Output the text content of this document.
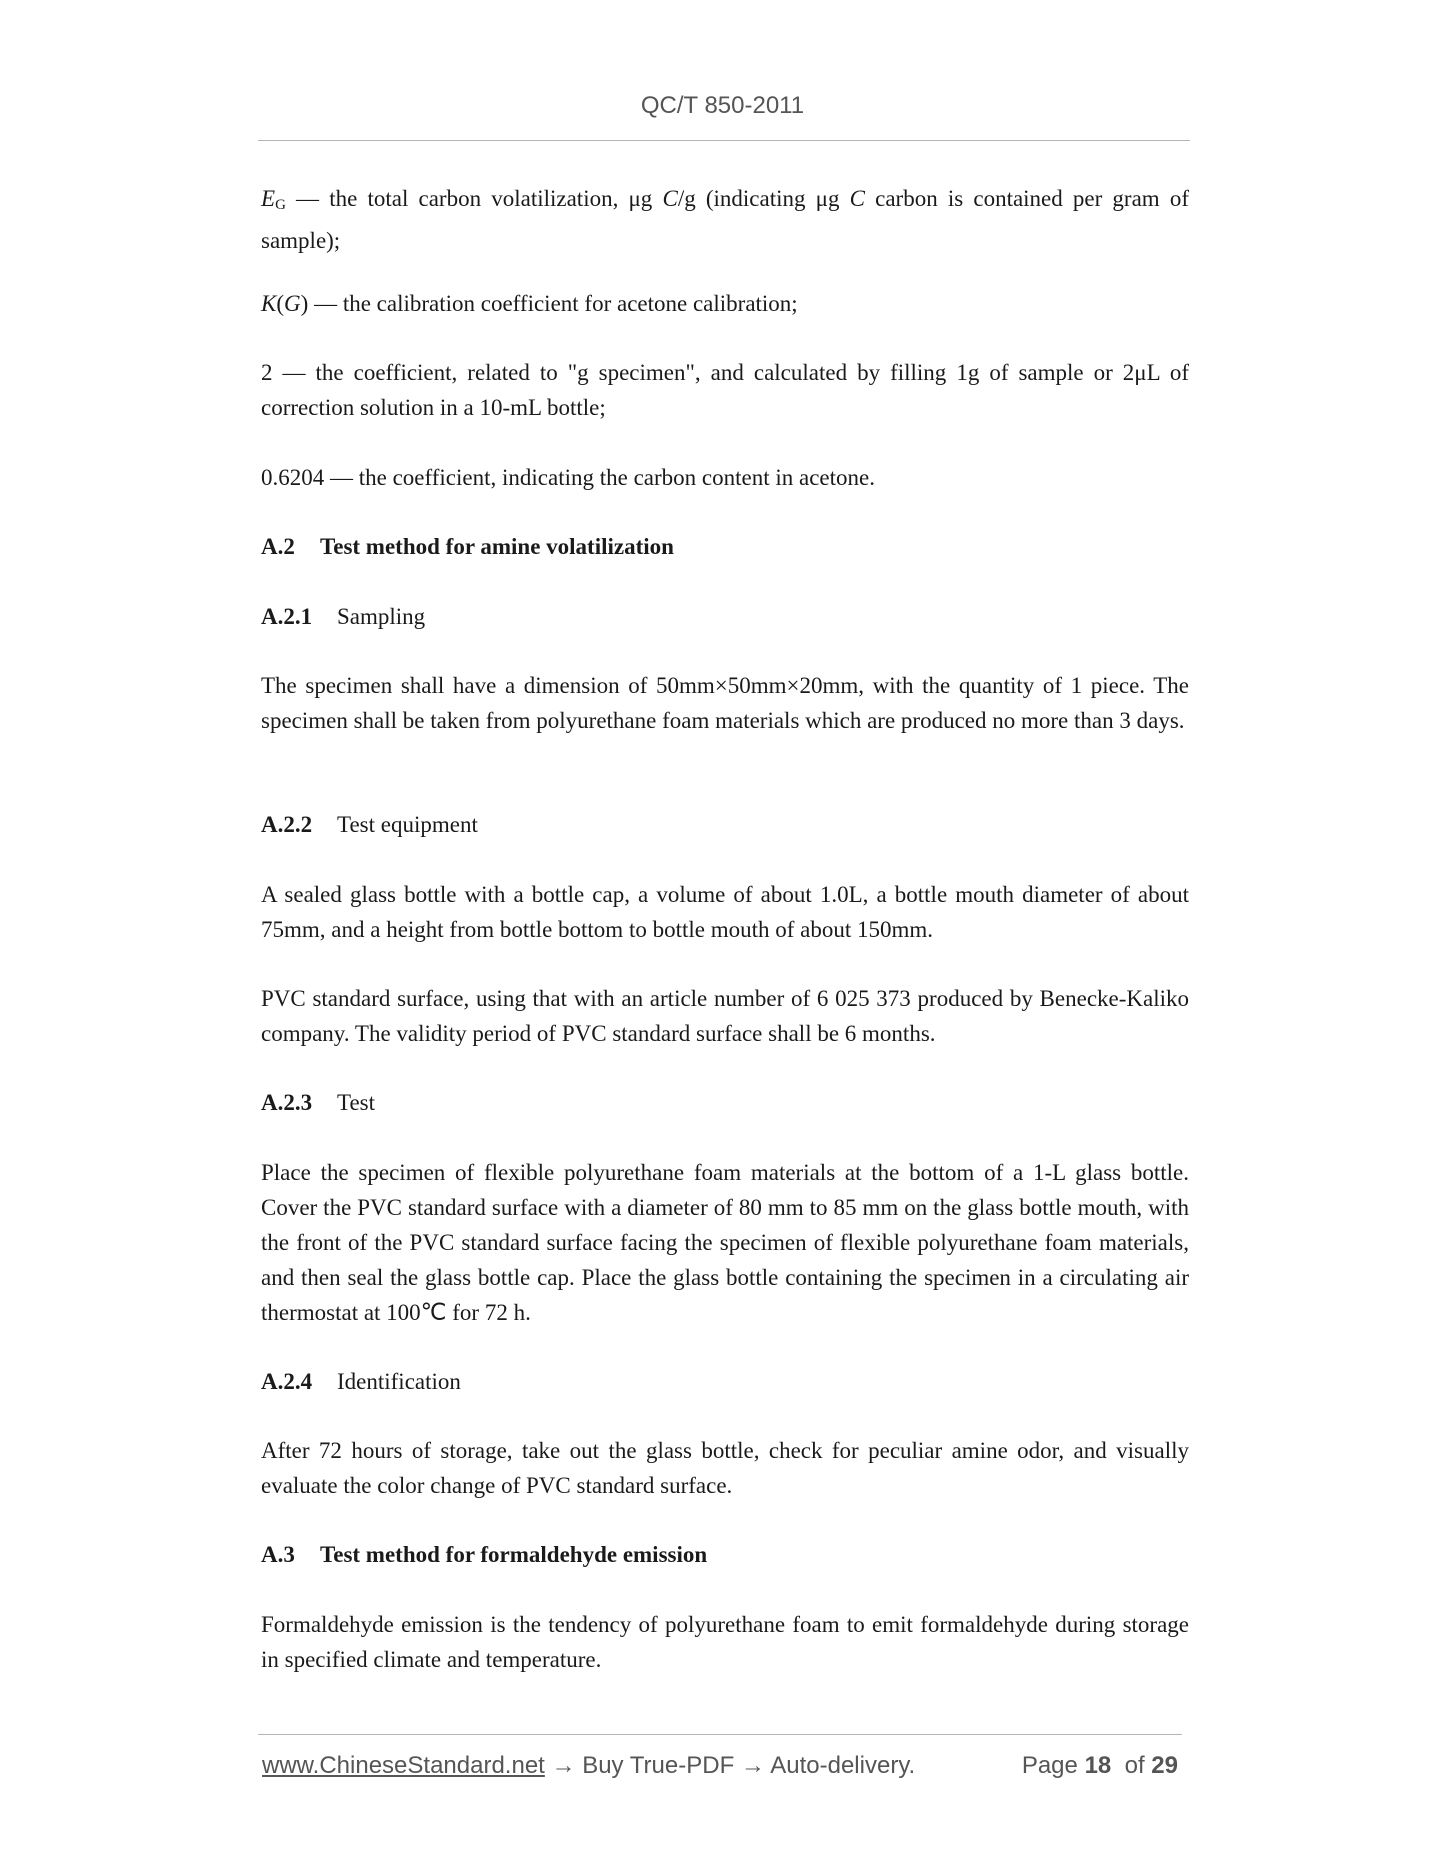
QC/T 850-2011

$E_G$ — the total carbon volatilization, μg C/g (indicating μg C carbon is contained per gram of sample);

K(G) — the calibration coefficient for acetone calibration;

2 — the coefficient, related to "g specimen", and calculated by filling 1g of sample or 2μL of correction solution in a 10-mL bottle;

0.6204 — the coefficient, indicating the carbon content in acetone.

A.2 Test method for amine volatilization

A.2.1 Sampling

The specimen shall have a dimension of 50mm×50mm×20mm, with the quantity of 1 piece. The specimen shall be taken from polyurethane foam materials which are produced no more than 3 days.

A.2.2 Test equipment

A sealed glass bottle with a bottle cap, a volume of about 1.0L, a bottle mouth diameter of about 75mm, and a height from bottle bottom to bottle mouth of about 150mm.

PVC standard surface, using that with an article number of 6 025 373 produced by Benecke-Kaliko company. The validity period of PVC standard surface shall be 6 months.

A.2.3 Test

Place the specimen of flexible polyurethane foam materials at the bottom of a 1-L glass bottle. Cover the PVC standard surface with a diameter of 80 mm to 85 mm on the glass bottle mouth, with the front of the PVC standard surface facing the specimen of flexible polyurethane foam materials, and then seal the glass bottle cap. Place the glass bottle containing the specimen in a circulating air thermostat at 100℃ for 72 h.

A.2.4 Identification

After 72 hours of storage, take out the glass bottle, check for peculiar amine odor, and visually evaluate the color change of PVC standard surface.

A.3 Test method for formaldehyde emission

Formaldehyde emission is the tendency of polyurethane foam to emit formaldehyde during storage in specified climate and temperature.

www.ChineseStandard.net → Buy True-PDF → Auto-delivery.	Page 18 of 29
